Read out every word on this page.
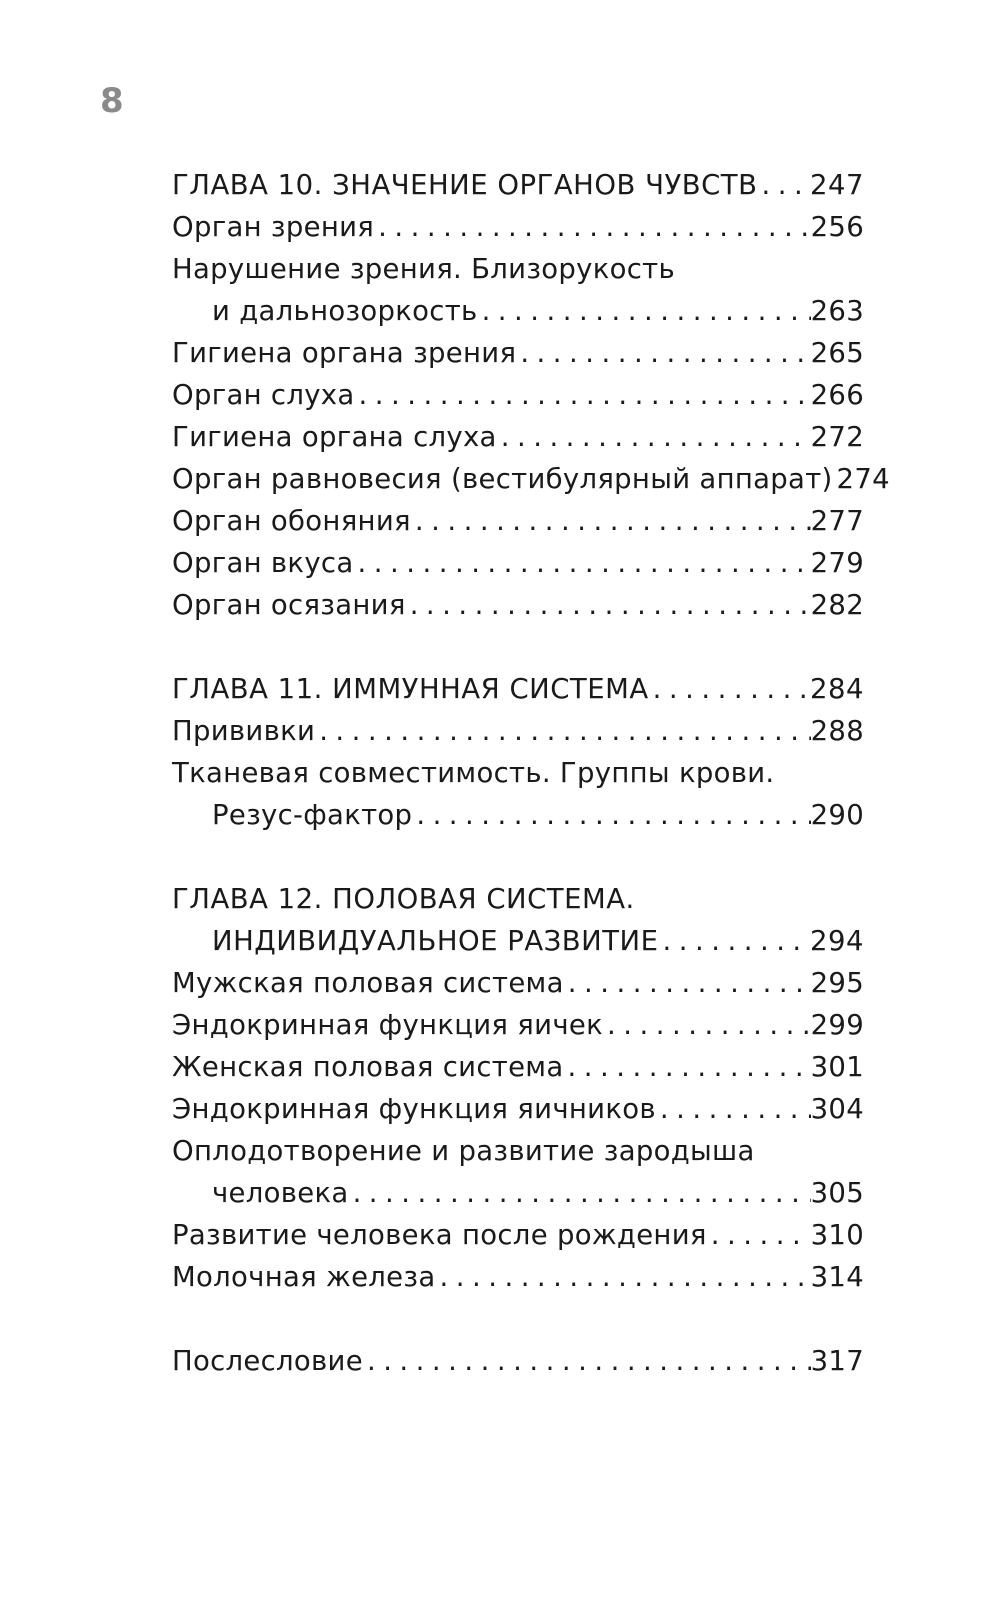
8
ГЛАВА 10. ЗНАЧЕНИЕ ОРГАНОВ ЧУВСТВ ..... 247
Орган зрения .....	256
Нарушение зрения. Близорукость
и дальнозоркость .....	263
Гигиена органа зрения .....	265
Орган слуха .....	266
Гигиена органа слуха .....	272
Орган равновесия (вестибулярный аппарат) ..... 274
Орган обоняния .....	277
Орган вкуса .....	279
Орган осязания .....	282
ГЛАВА 11. ИММУННАЯ СИСТЕМА .....	284
Прививки .....	288
Тканевая совместимость. Группы крови.
Резус-фактор .....	290
ГЛАВА 12. ПОЛОВАЯ СИСТЕМА.
ИНДИВИДУАЛЬНОЕ РАЗВИТИЕ .....	294
Мужская половая система .....	295
Эндокринная функция яичек .....	299
Женская половая система .....	301
Эндокринная функция яичников .....	304
Оплодотворение и развитие зародыша
человека .....	305
Развитие человека после рождения .....	310
Молочная железа .....	314
Послесловие .....	317
